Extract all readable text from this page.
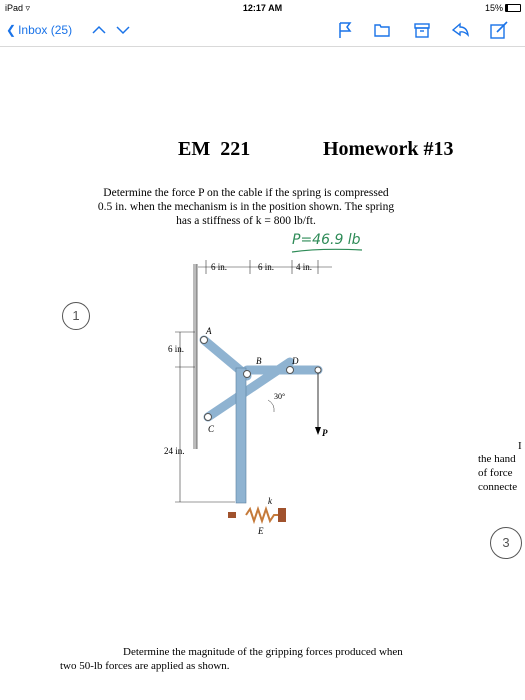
iPad ▿	12:17 AM	15%
❮ Inbox (25)
EM  221	Homework #13
Determine the force P on the cable if the spring is compressed 0.5 in. when the mechanism is in the position shown. The spring has a stiffness of k = 800 lb/ft.
P=46.9 lb
1
6 in.	6 in. 4 in.
6 in.
24 in.
A
B	D
C
E
30°
P
k
I
the hand
of force
connecte
3
Determine the magnitude of the gripping forces produced when
two 50-lb forces are applied as shown.
